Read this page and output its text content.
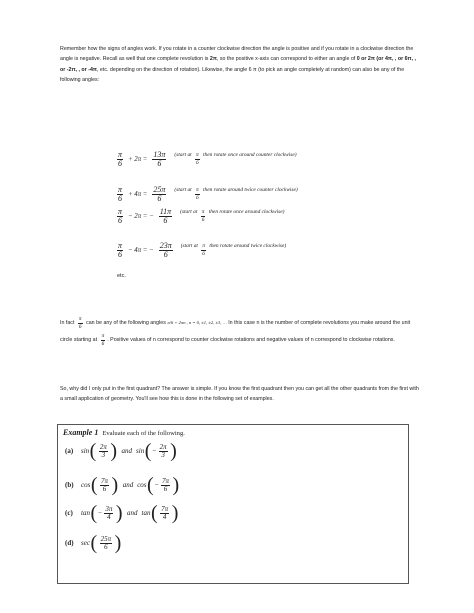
Remember how the signs of angles work. If you rotate in a counter clockwise direction the angle is positive and if you rotate in a clockwise direction the angle is negative. Recall as well that one complete revolution is 2π, so the positive x-axis can correspond to either an angle of 0 or 2π (or 4π, , or 6π, , or -2π, , or -4π, etc. depending on the direction of rotation). Likewise, the angle 6 π (to pick an angle completely at random) can also be any of the following angles:
$\frac{\pi}{6} + 2\pi = \frac{13\pi}{6}$ (start at $\frac{\pi}{6}$ then rotate once around counter clockwise)
$\frac{\pi}{6} + 4\pi = \frac{25\pi}{6}$ (start at $\frac{\pi}{6}$ then rotate around twice counter clockwise)
$\frac{\pi}{6} - 2\pi$ = − $\frac{11\pi}{6}$ (start at $\frac{\pi}{6}$ then rotate once around clockwise)
$\frac{\pi}{6} - 4\pi$ = − $\frac{23\pi}{6}$ (start at $\frac{\pi}{6}$ then rotate around twice clockwise)
etc.
In fact $\frac{\pi}{6}$ can be any of the following angles π/6 + 2πn , n = 0, ±1, ±2, ±3, … In this case n is the number of complete revolutions you make around the unit circle starting at $\frac{\pi}{6}$ . Positive values of n correspond to counter clockwise rotations and negative values of n correspond to clockwise rotations.
So, why did I only put in the first quadrant? The answer is simple. If you know the first quadrant then you can get all the other quadrants from the first with a small application of geometry. You'll see how this is done in the following set of examples.
Example 1 Evaluate each of the following.
(a)	sin ( $\frac{2\pi}{3}$ ) and sin ( − $\frac{2\pi}{3}$ )
(b)	cos ( $\frac{7\pi}{6}$ ) and cos ( − $\frac{7\pi}{6}$ )
(c)	tan ( − $\frac{3\pi}{4}$ ) and tan ( $\frac{7\pi}{4}$ )
(d)	sec ( $\frac{25\pi}{6}$ )
